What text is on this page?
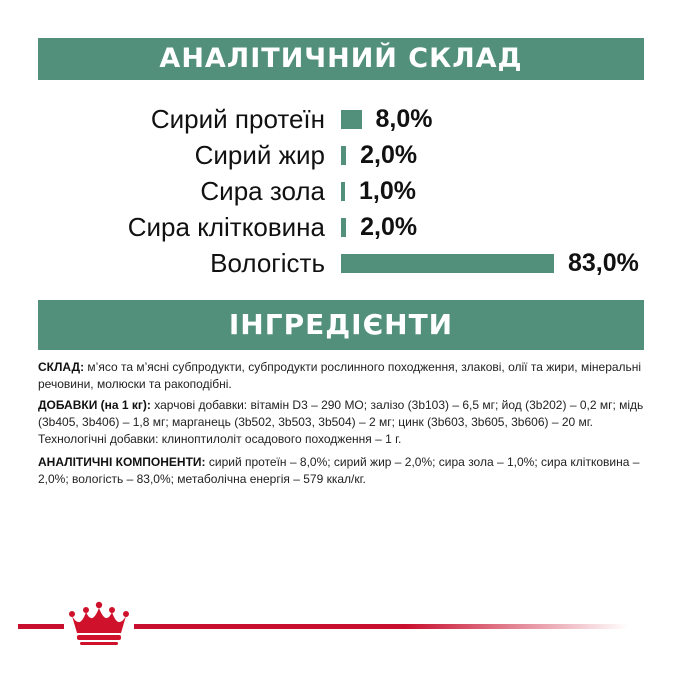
АНАЛІТИЧНИЙ СКЛАД
Сирий протеїн 8,0%
Сирий жир 2,0%
Сира зола 1,0%
Сира клітковина 2,0%
Вологість	83,0%
ІНГРЕДІЄНТИ
СКЛАД: м’ясо та м’ясні субпродукти, субпродукти рослинного походження, злакові, олії та жири, мінеральні речовини, молюски та ракоподібні.
ДОБАВКИ (на 1 кг): харчові добавки: вітамін D3 – 290 МО; залізо (3b103) – 6,5 мг; йод (3b202) – 0,2 мг; мідь (3b405, 3b406) – 1,8 мг; марганець (3b502, 3b503, 3b504) – 2 мг; цинк (3b603, 3b605, 3b606) – 20 мг. Технологічні добавки: клиноптилоліт осадового походження – 1 г.
АНАЛІТИЧНІ КОМПОНЕНТИ: сирий протеїн – 8,0%; сирий жир – 2,0%; сира зола – 1,0%; сира клітковина – 2,0%; вологість – 83,0%; метаболічна енергія – 579 ккал/кг.
